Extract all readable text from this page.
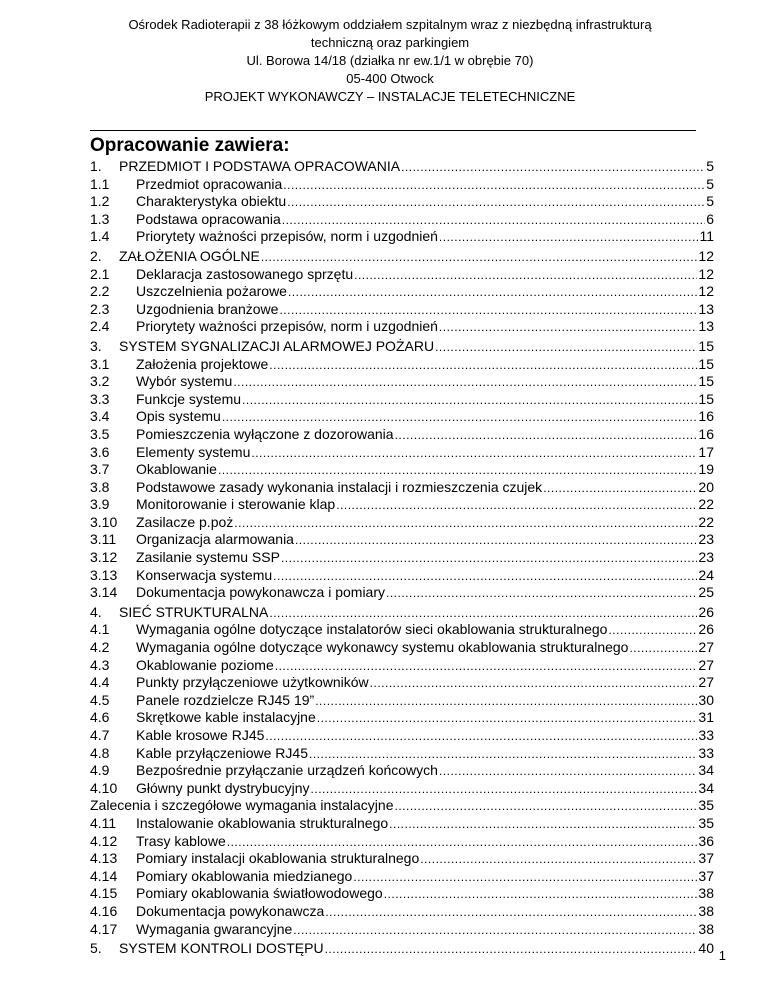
Ośrodek Radioterapii z 38 łóżkowym oddziałem szpitalnym wraz z niezbędną infrastrukturą
techniczną oraz parkingiem
Ul. Borowa 14/18 (działka nr ew.1/1 w obrębie 70)
05-400 Otwock
PROJEKT WYKONAWCZY – INSTALACJE TELETECHNICZNE
Opracowanie zawiera:
1.	PRZEDMIOT I PODSTAWA OPRACOWANIA .....	5
1.1	Przedmiot opracowania .....	5
1.2	Charakterystyka obiektu .....	5
1.3	Podstawa opracowania .....	6
1.4	Priorytety ważności przepisów, norm i uzgodnień .....	11
2.	ZAŁOŻENIA OGÓLNE .....	12
2.1	Deklaracja zastosowanego sprzętu .....	12
2.2	Uszczelnienia pożarowe .....	12
2.3	Uzgodnienia branżowe .....	13
2.4	Priorytety ważności przepisów, norm i uzgodnień .....	13
3.	SYSTEM SYGNALIZACJI ALARMOWEJ POŻARU .....	15
3.1	Założenia projektowe .....	15
3.2	Wybór systemu .....	15
3.3	Funkcje systemu .....	15
3.4	Opis systemu .....	16
3.5	Pomieszczenia wyłączone z dozorowania .....	16
3.6	Elementy systemu .....	17
3.7	Okablowanie .....	19
3.8	Podstawowe zasady wykonania instalacji i rozmieszczenia czujek .....	20
3.9	Monitorowanie i sterowanie klap .....	22
3.10	Zasilacze p.poż .....	22
3.11	Organizacja alarmowania .....	23
3.12	Zasilanie systemu SSP .....	23
3.13	Konserwacja systemu .....	24
3.14	Dokumentacja powykonawcza i pomiary .....	25
4.	SIEĆ STRUKTURALNA .....	26
4.1	Wymagania ogólne dotyczące instalatorów sieci okablowania strukturalnego .....	26
4.2	Wymagania ogólne dotyczące wykonawcy systemu okablowania strukturalnego .....	27
4.3	Okablowanie poziome .....	27
4.4	Punkty przyłączeniowe użytkowników .....	27
4.5	Panele rozdzielcze RJ45 19” .....	30
4.6	Skrętkowe kable instalacyjne .....	31
4.7	Kable krosowe RJ45 .....	33
4.8	Kable przyłączeniowe RJ45 .....	33
4.9	Bezpośrednie przyłączanie urządzeń końcowych .....	34
4.10	Główny punkt dystrybucyjny .....	34
Zalecenia i szczegółowe wymagania instalacyjne .....	35
4.11	Instalowanie okablowania strukturalnego .....	35
4.12	Trasy kablowe .....	36
4.13	Pomiary instalacji okablowania strukturalnego .....	37
4.14	Pomiary okablowania miedzianego .....	37
4.15	Pomiary okablowania światłowodowego .....	38
4.16	Dokumentacja powykonawcza .....	38
4.17	Wymagania gwarancyjne .....	38
5.	SYSTEM KONTROLI DOSTĘPU .....	40 1
